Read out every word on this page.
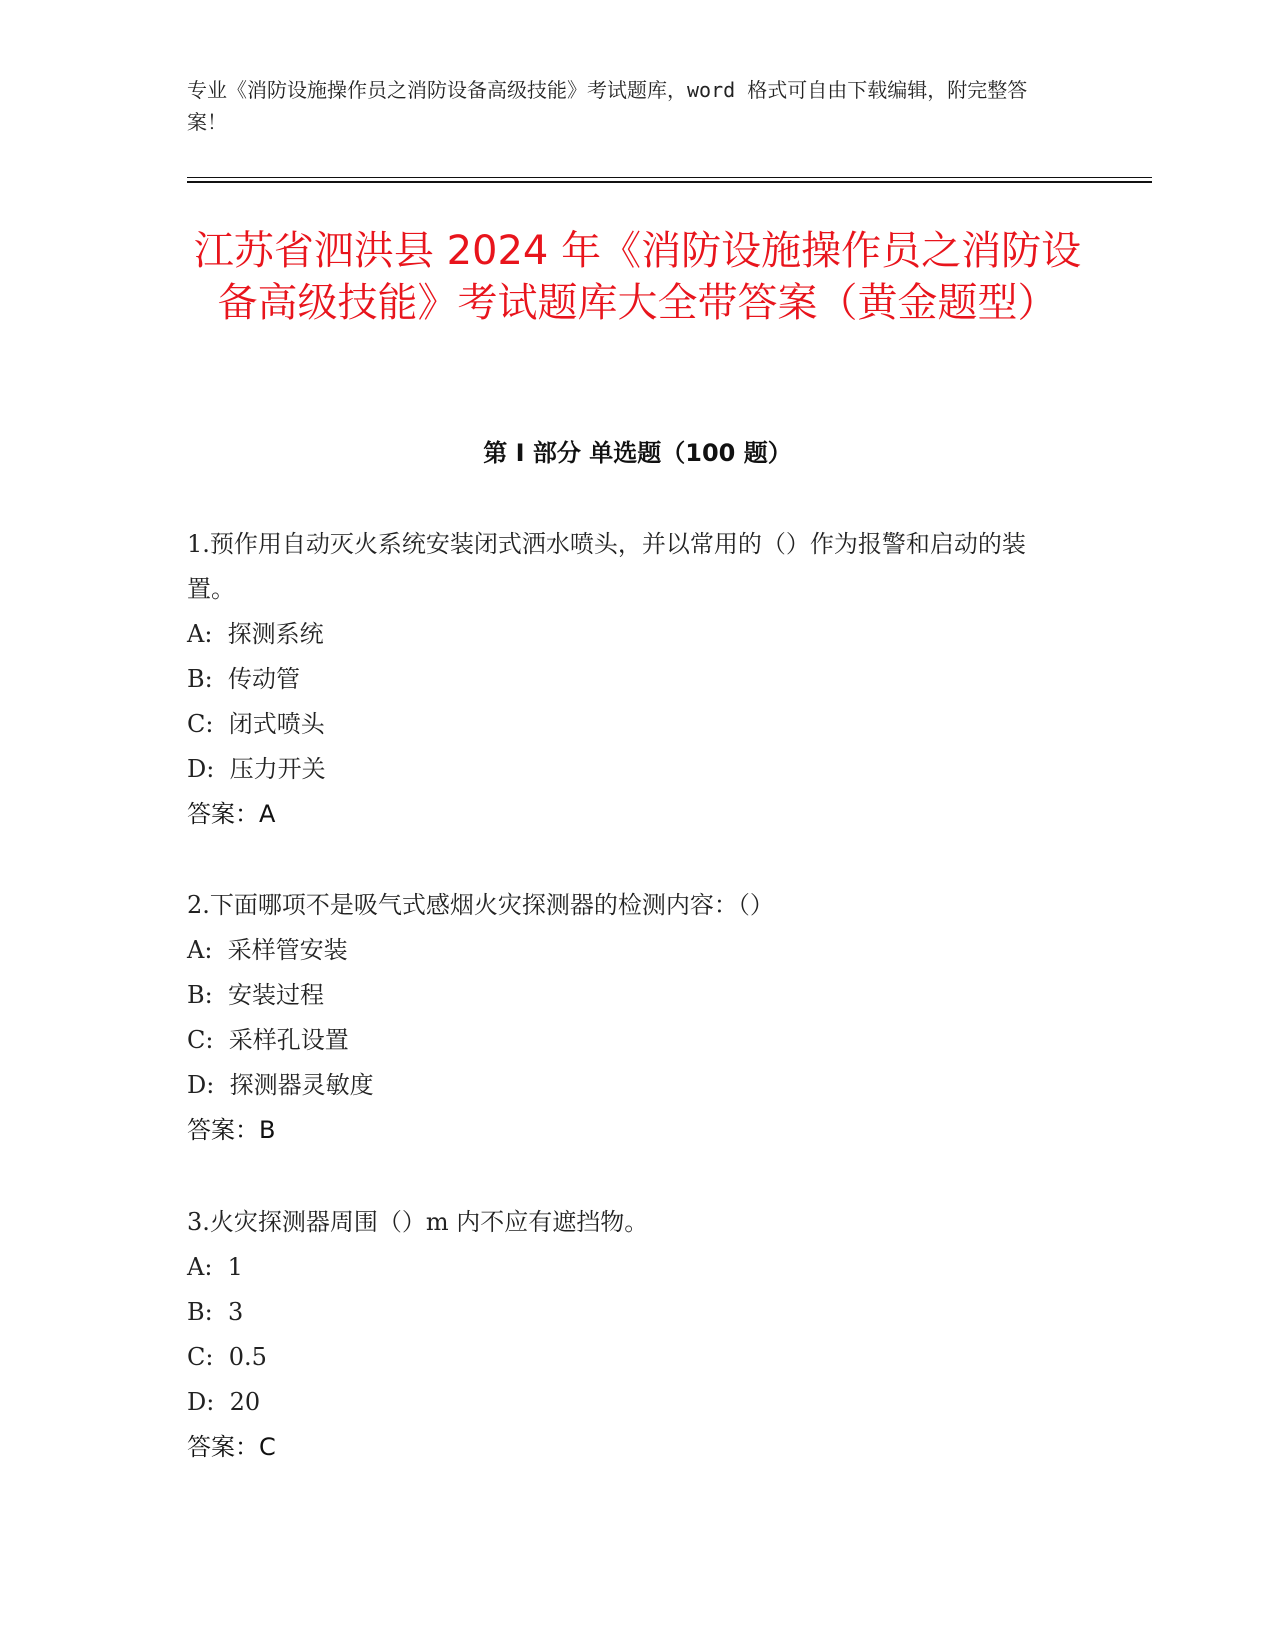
专业《消防设施操作员之消防设备高级技能》考试题库，word 格式可自由下载编辑，附完整答案！
江苏省泗洪县 2024 年《消防设施操作员之消防设备高级技能》考试题库大全带答案（黄金题型）
第 I 部分 单选题（100 题）

1.预作用自动灭火系统安装闭式洒水喷头，并以常用的（）作为报警和启动的装置。

A:  探测系统

B:  传动管

C:  闭式喷头

D:  压力开关

答案：A

2.下面哪项不是吸气式感烟火灾探测器的检测内容：（）

A:  采样管安装

B:  安装过程

C:  采样孔设置

D:  探测器灵敏度

答案：B

3.火灾探测器周围（）m 内不应有遮挡物。

A:  1

B:  3

C:  0.5

D:  20

答案：C
